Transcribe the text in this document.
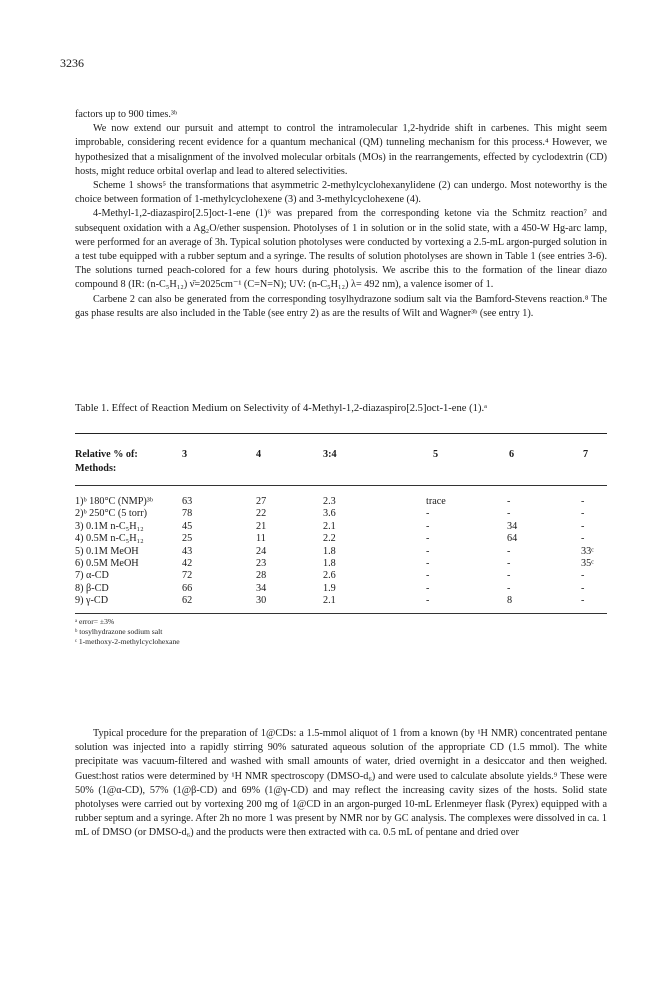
3236

factors up to 900 times.³ᵇ

We now extend our pursuit and attempt to control the intramolecular 1,2-hydride shift in carbenes. This might seem improbable, considering recent evidence for a quantum mechanical (QM) tunneling mechanism for this process.⁴ However, we hypothesized that a misalignment of the involved molecular orbitals (MOs) in the rearrangements, effected by cyclodextrin (CD) hosts, might reduce orbital overlap and lead to altered selectivities.

Scheme 1 shows⁵ the transformations that asymmetric 2-methylcyclohexanylidene (2) can undergo. Most noteworthy is the choice between formation of 1-methylcyclohexene (3) and 3-methylcyclohexene (4).

4-Methyl-1,2-diazaspiro[2.5]oct-1-ene (1)⁶ was prepared from the corresponding ketone via the Schmitz reaction⁷ and subsequent oxidation with a Ag₂O/ether suspension. Photolyses of 1 in solution or in the solid state, with a 450-W Hg-arc lamp, were performed for an average of 3h. Typical solution photolyses were conducted by vortexing a 2.5-mL argon-purged solution in a test tube equipped with a rubber septum and a syringe. The results of solution photolyses are shown in Table 1 (see entries 3-6). The solutions turned peach-colored for a few hours during photolysis. We ascribe this to the formation of the linear diazo compound 8 (IR: (n-C₅H₁₂) ν̄=2025cm⁻¹ (C=N=N); UV: (n-C₅H₁₂) λ= 492 nm), a valence isomer of 1.

Carbene 2 can also be generated from the corresponding tosylhydrazone sodium salt via the Bamford-Stevens reaction.⁸ The gas phase results are also included in the Table (see entry 2) as are the results of Wilt and Wagner³ᵇ (see entry 1).

Table 1. Effect of Reaction Medium on Selectivity of 4-Methyl-1,2-diazaspiro[2.5]oct-1-ene (1).ᵃ
Relative % of:
Methods:
3	4	3:4	5	6	7
1)ᵇ 180°C (NMP)³ᵇ	63	27	2.3	trace	-	-
2)ᵇ 250°C (5 torr)	78	22	3.6	-	-	-
3) 0.1M n-C₅H₁₂	45	21	2.1	-	34	-
4) 0.5M n-C₅H₁₂	25	11	2.2	-	64	-
5) 0.1M MeOH	43	24	1.8	-	-	33ᶜ
6) 0.5M MeOH	42	23	1.8	-	-	35ᶜ
7) α-CD	72	28	2.6	-	-	-
8) β-CD	66	34	1.9	-	-	-
9) γ-CD	62	30	2.1	-	8	-
ᵃ error= ±3%
ᵇ tosylhydrazone sodium salt
ᶜ 1-methoxy-2-methylcyclohexane

Typical procedure for the preparation of 1@CDs: a 1.5-mmol aliquot of 1 from a known (by ¹H NMR) concentrated pentane solution was injected into a rapidly stirring 90% saturated aqueous solution of the appropriate CD (1.5 mmol). The white precipitate was vacuum-filtered and washed with small amounts of water, dried overnight in a desiccator and then weighed. Guest:host ratios were determined by ¹H NMR spectroscopy (DMSO-d₆) and were used to calculate absolute yields.⁹ These were 50% (1@α-CD), 57% (1@β-CD) and 69% (1@γ-CD) and may reflect the increasing cavity sizes of the hosts. Solid state photolyses were carried out by vortexing 200 mg of 1@CD in an argon-purged 10-mL Erlenmeyer flask (Pyrex) equipped with a rubber septum and a syringe. After 2h no more 1 was present by NMR nor by GC analysis. The complexes were dissolved in ca. 1 mL of DMSO (or DMSO-d₆) and the products were then extracted with ca. 0.5 mL of pentane and dried over
